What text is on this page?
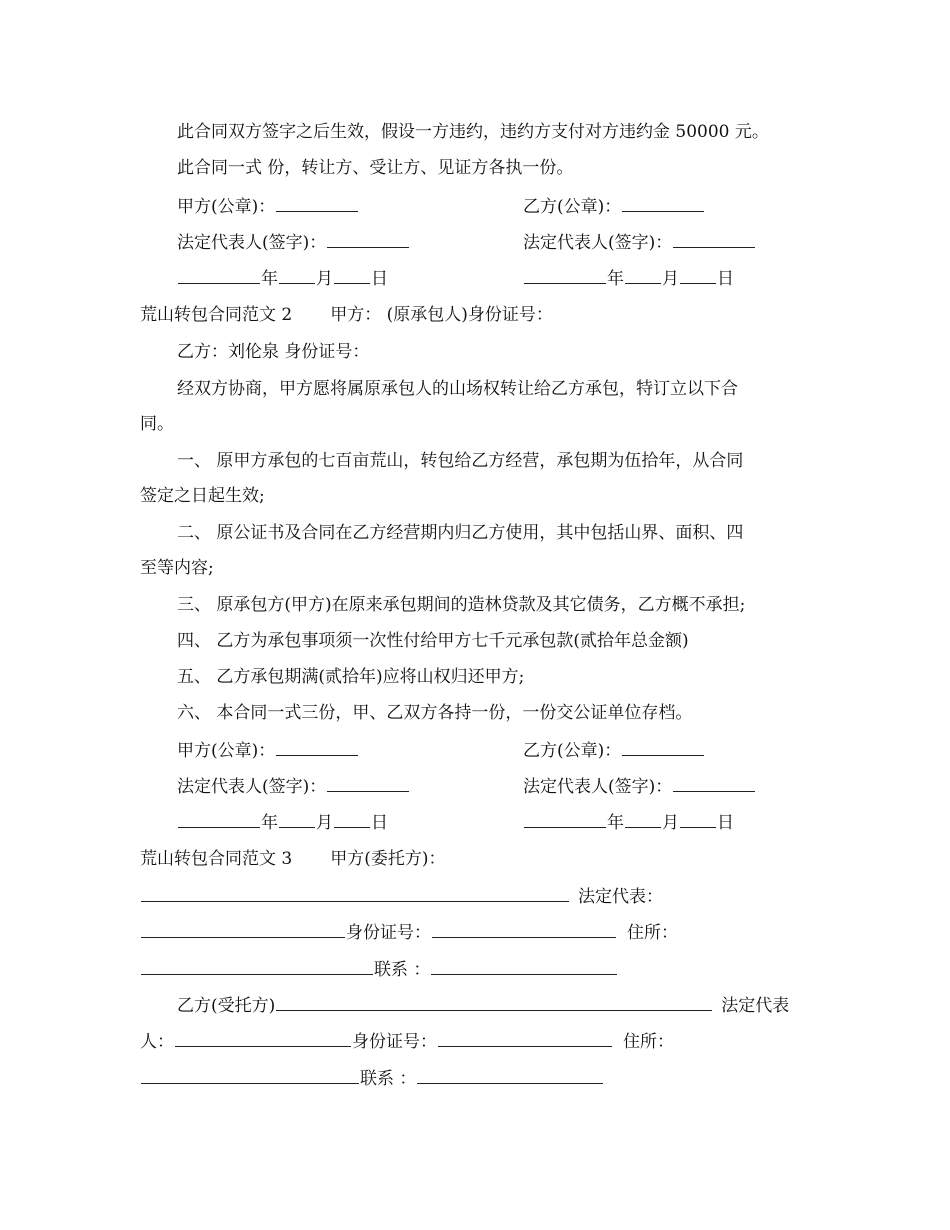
此合同双方签字之后生效，假设一方违约，违约方支付对方违约金 50000 元。
此合同一式 份，转让方、受让方、见证方各执一份。
甲方(公章)：	乙方(公章)：
法定代表人(签字)：	法定代表人(签字)：
年 月 日	年 月 日
荒山转包合同范文 2 甲方： (原承包人)身份证号：
乙方：刘伦泉 身份证号：
经双方协商，甲方愿将属原承包人的山场权转让给乙方承包，特订立以下合
同。
一、 原甲方承包的七百亩荒山，转包给乙方经营，承包期为伍拾年，从合同
签定之日起生效;
二、 原公证书及合同在乙方经营期内归乙方使用，其中包括山界、面积、四
至等内容;
三、 原承包方(甲方)在原来承包期间的造林贷款及其它债务，乙方概不承担;
四、 乙方为承包事项须一次性付给甲方七千元承包款(贰拾年总金额)
五、 乙方承包期满(贰拾年)应将山权归还甲方;
六、 本合同一式三份，甲、乙双方各持一份，一份交公证单位存档。
甲方(公章)：	乙方(公章)：
法定代表人(签字)：	法定代表人(签字)：
年 月 日	年 月 日
荒山转包合同范文 3 甲方(委托方)：
法定代表：
身份证号：	住所：
联系 ：
乙方(受托方)	法定代表
人：	身份证号：	住所：
联系 ：
